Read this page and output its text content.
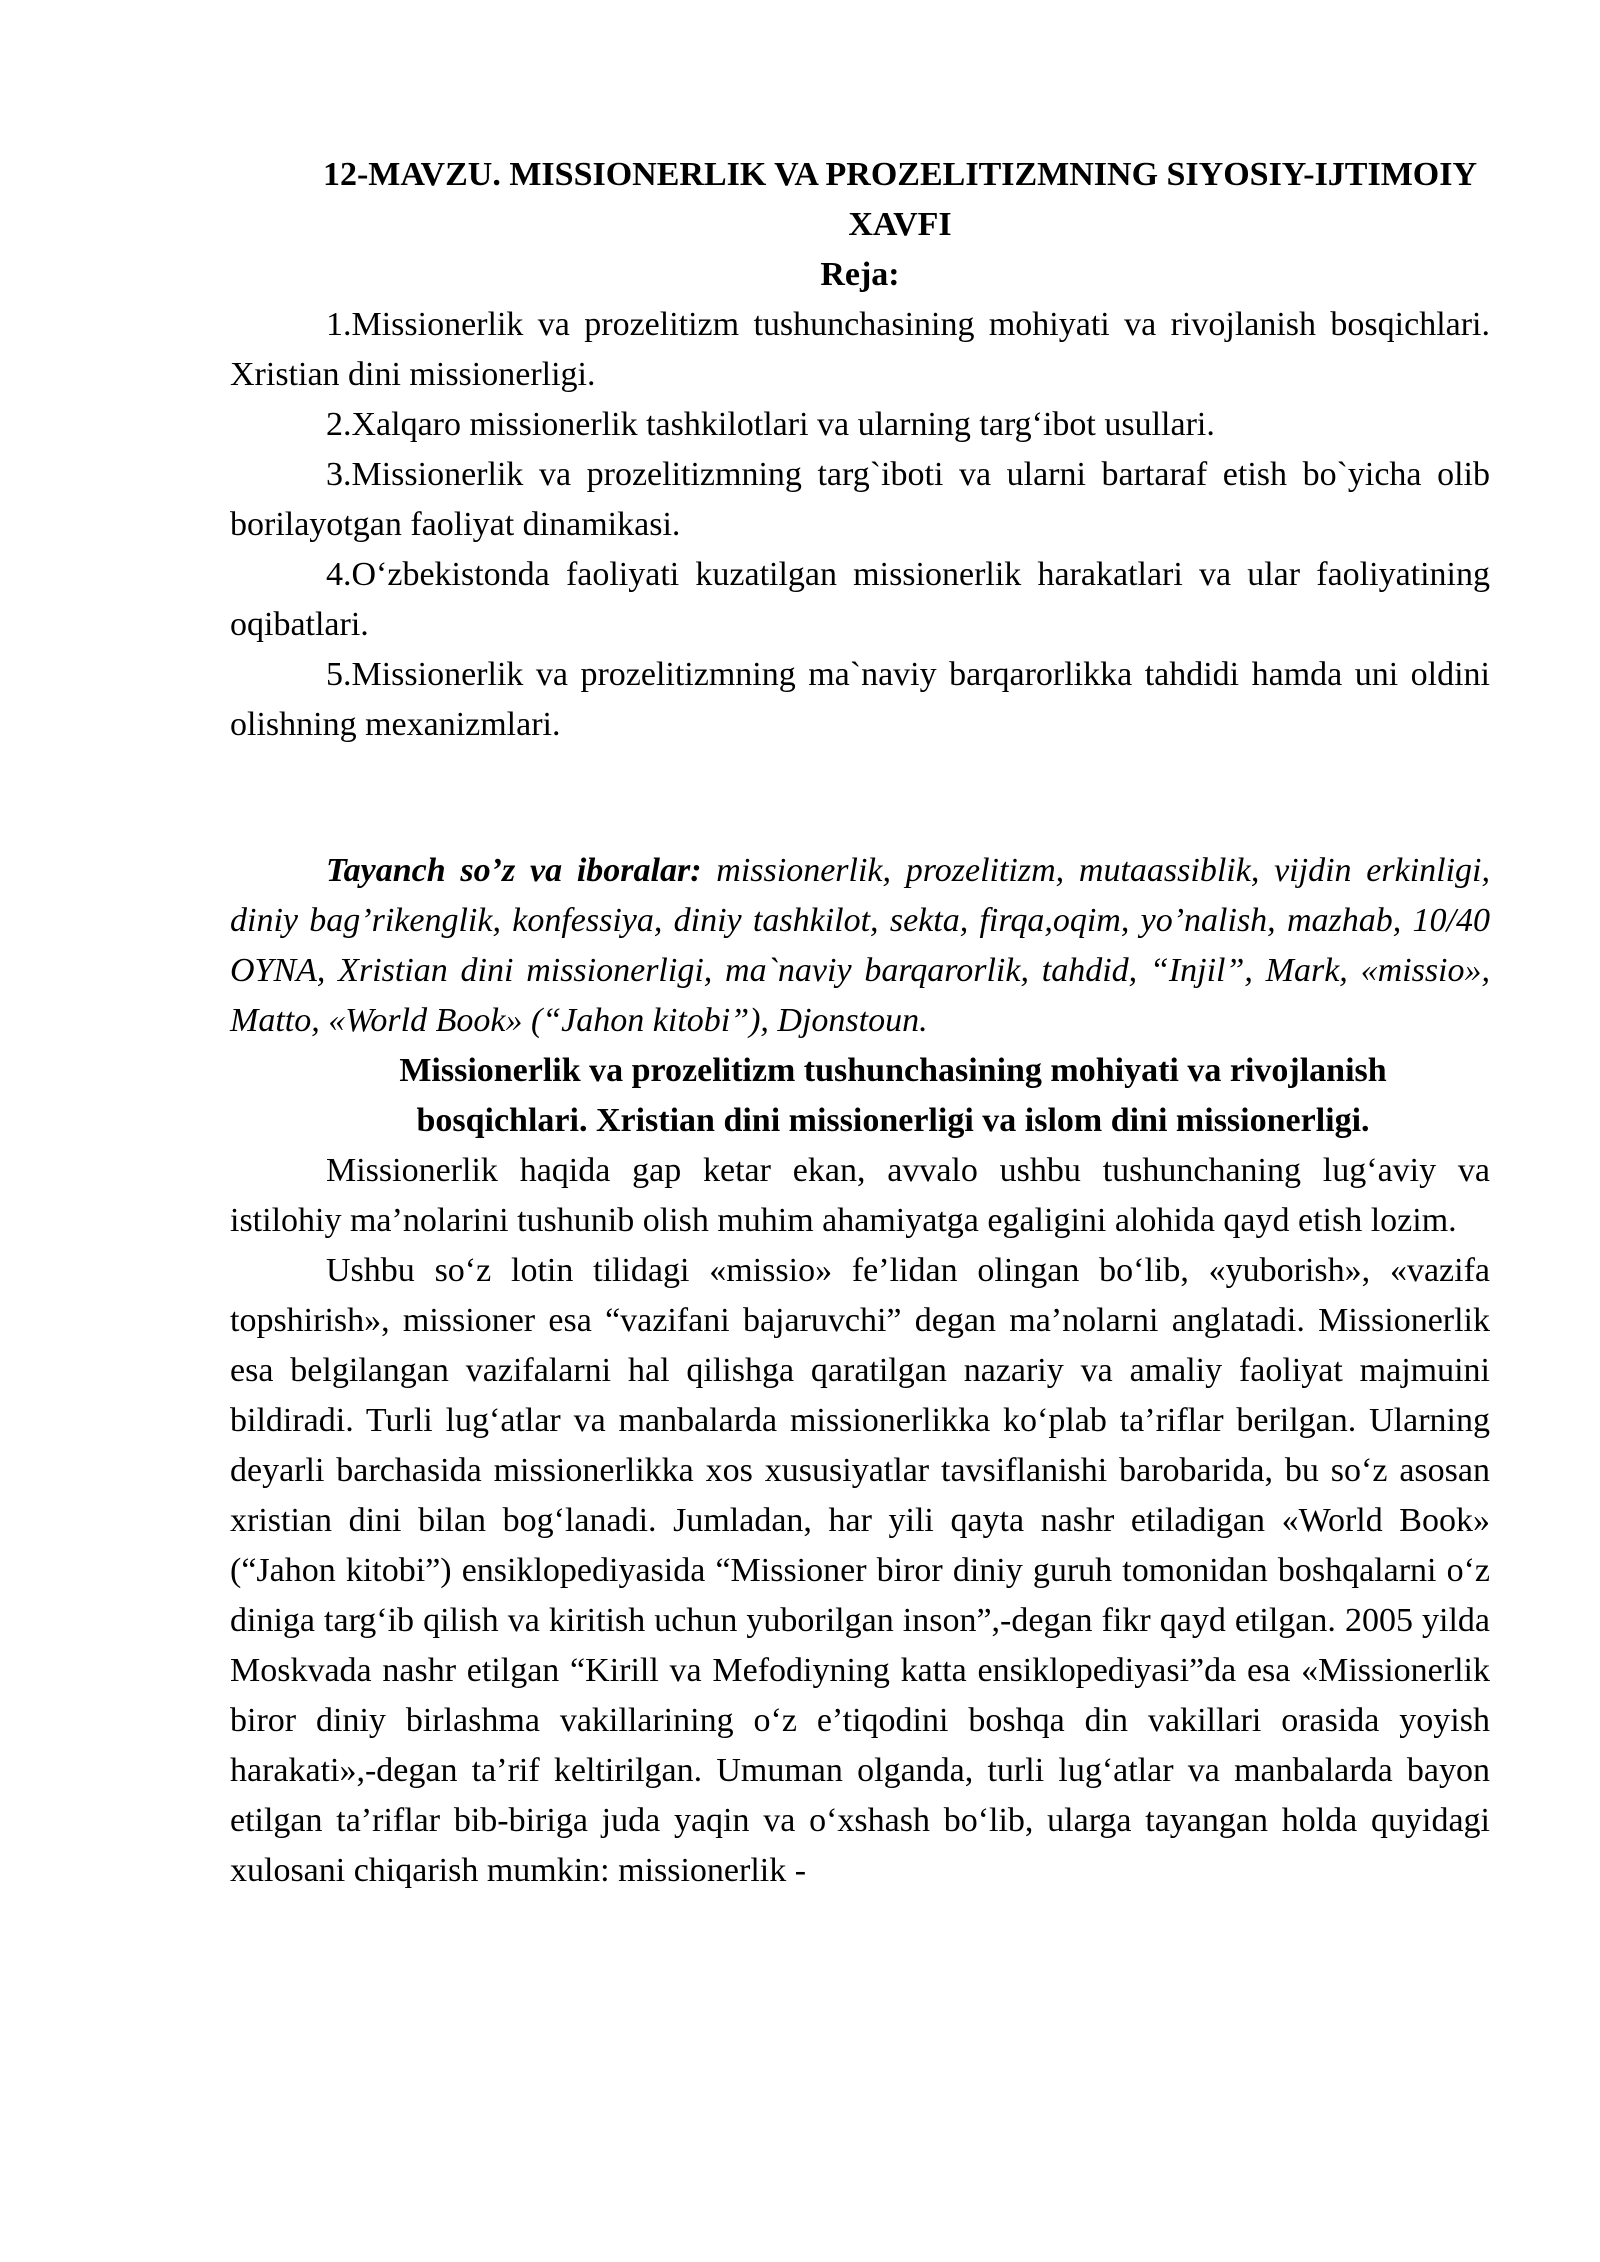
12-MAVZU. MISSIONERLIK VA PROZELITIZMNING SIYOSIY-IJTIMOIY XAVFI

Reja:

1.Missionerlik va prozelitizm tushunchasining mohiyati va rivojlanish bosqichlari. Xristian dini missionerligi.

2.Xalqaro missionerlik tashkilotlari va ularning targ‘ibot usullari.

3.Missionerlik va prozelitizmning targ`iboti va ularni bartaraf etish bo`yicha olib borilayotgan faoliyat dinamikasi.

4.O‘zbekistonda faoliyati kuzatilgan missionerlik harakatlari va ular faoliyatining oqibatlari.

5.Missionerlik va prozelitizmning ma`naviy barqarorlikka tahdidi hamda uni oldini olishning mexanizmlari.

Tayanch so’z va iboralar: missionerlik, prozelitizm, mutaassiblik, vijdin erkinligi, diniy bag’rikenglik, konfessiya, diniy tashkilot, sekta, firqa,oqim, yo’nalish, mazhab, 10/40 OYNA, Xristian dini missionerligi, ma`naviy barqarorlik, tahdid, “Injil”, Mark, «missio», Matto, «World Book» (“Jahon kitobi”), Djonstoun.

Missionerlik va prozelitizm tushunchasining mohiyati va rivojlanish bosqichlari. Xristian dini missionerligi va islom dini missionerligi.

Missionerlik haqida gap ketar ekan, avvalo ushbu tushunchaning lug‘aviy va istilohiy ma’nolarini tushunib olish muhim ahamiyatga egaligini alohida qayd etish lozim.

Ushbu so‘z lotin tilidagi «missio» fe’lidan olingan bo‘lib, «yuborish», «vazifa topshirish», missioner esa “vazifani bajaruvchi” degan ma’nolarni anglatadi. Missionerlik esa belgilangan vazifalarni hal qilishga qaratilgan nazariy va amaliy faoliyat majmuini bildiradi. Turli lug‘atlar va manbalarda missionerlikka ko‘plab ta’riflar berilgan. Ularning deyarli barchasida missionerlikka xos xususiyatlar tavsiflanishi barobarida, bu so‘z asosan xristian dini bilan bog‘lanadi. Jumladan, har yili qayta nashr etiladigan «World Book» (“Jahon kitobi”) ensiklopediyasida “Missioner biror diniy guruh tomonidan boshqalarni o‘z diniga targ‘ib qilish va kiritish uchun yuborilgan inson”,-degan fikr qayd etilgan. 2005 yilda Moskvada nashr etilgan “Kirill va Mefodiyning katta ensiklopediyasi”da esa «Missionerlik biror diniy birlashma vakillarining o‘z e’tiqodini boshqa din vakillari orasida yoyish harakati»,-degan ta’rif keltirilgan. Umuman olganda, turli lug‘atlar va manbalarda bayon etilgan ta’riflar bib-biriga juda yaqin va o‘xshash bo‘lib, ularga tayangan holda quyidagi xulosani chiqarish mumkin: missionerlik -
